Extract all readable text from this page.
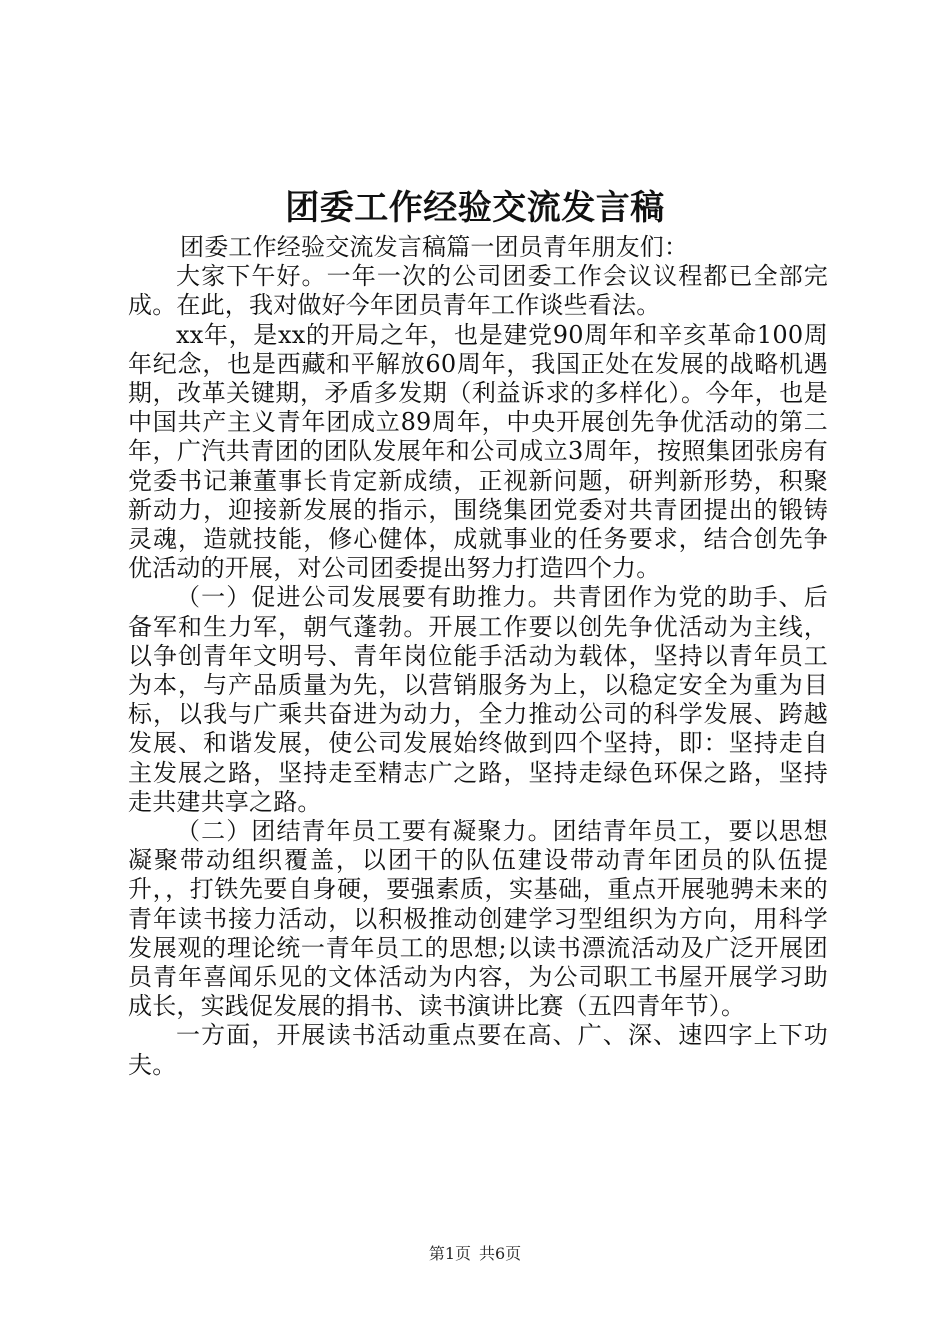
团委工作经验交流发言稿

团委工作经验交流发言稿篇一团员青年朋友们：

大家下午好。一年一次的公司团委工作会议议程都已全部完成。在此，我对做好今年团员青年工作谈些看法。

xx年，是xx的开局之年，也是建党90周年和辛亥革命100周年纪念，也是西藏和平解放60周年，我国正处在发展的战略机遇期，改革关键期，矛盾多发期（利益诉求的多样化）。今年，也是中国共产主义青年团成立89周年，中央开展创先争优活动的第二年，广汽共青团的团队发展年和公司成立3周年，按照集团张房有党委书记兼董事长肯定新成绩，正视新问题，研判新形势，积聚新动力，迎接新发展的指示，围绕集团党委对共青团提出的锻铸灵魂，造就技能，修心健体，成就事业的任务要求，结合创先争优活动的开展，对公司团委提出努力打造四个力。

（一）促进公司发展要有助推力。共青团作为党的助手、后备军和生力军，朝气蓬勃。开展工作要以创先争优活动为主线，以争创青年文明号、青年岗位能手活动为载体，坚持以青年员工为本，与产品质量为先，以营销服务为上，以稳定安全为重为目标，以我与广乘共奋进为动力，全力推动公司的科学发展、跨越发展、和谐发展，使公司发展始终做到四个坚持，即：坚持走自主发展之路，坚持走至精志广之路，坚持走绿色环保之路，坚持走共建共享之路。

（二）团结青年员工要有凝聚力。团结青年员工，要以思想凝聚带动组织覆盖，以团干的队伍建设带动青年团员的队伍提升，，打铁先要自身硬，要强素质，实基础，重点开展驰骋未来的青年读书接力活动，以积极推动创建学习型组织为方向，用科学发展观的理论统一青年员工的思想;以读书漂流活动及广泛开展团员青年喜闻乐见的文体活动为内容，为公司职工书屋开展学习助成长，实践促发展的捐书、读书演讲比赛（五四青年节）。

一方面，开展读书活动重点要在高、广、深、速四字上下功夫。

第1页 共6页
